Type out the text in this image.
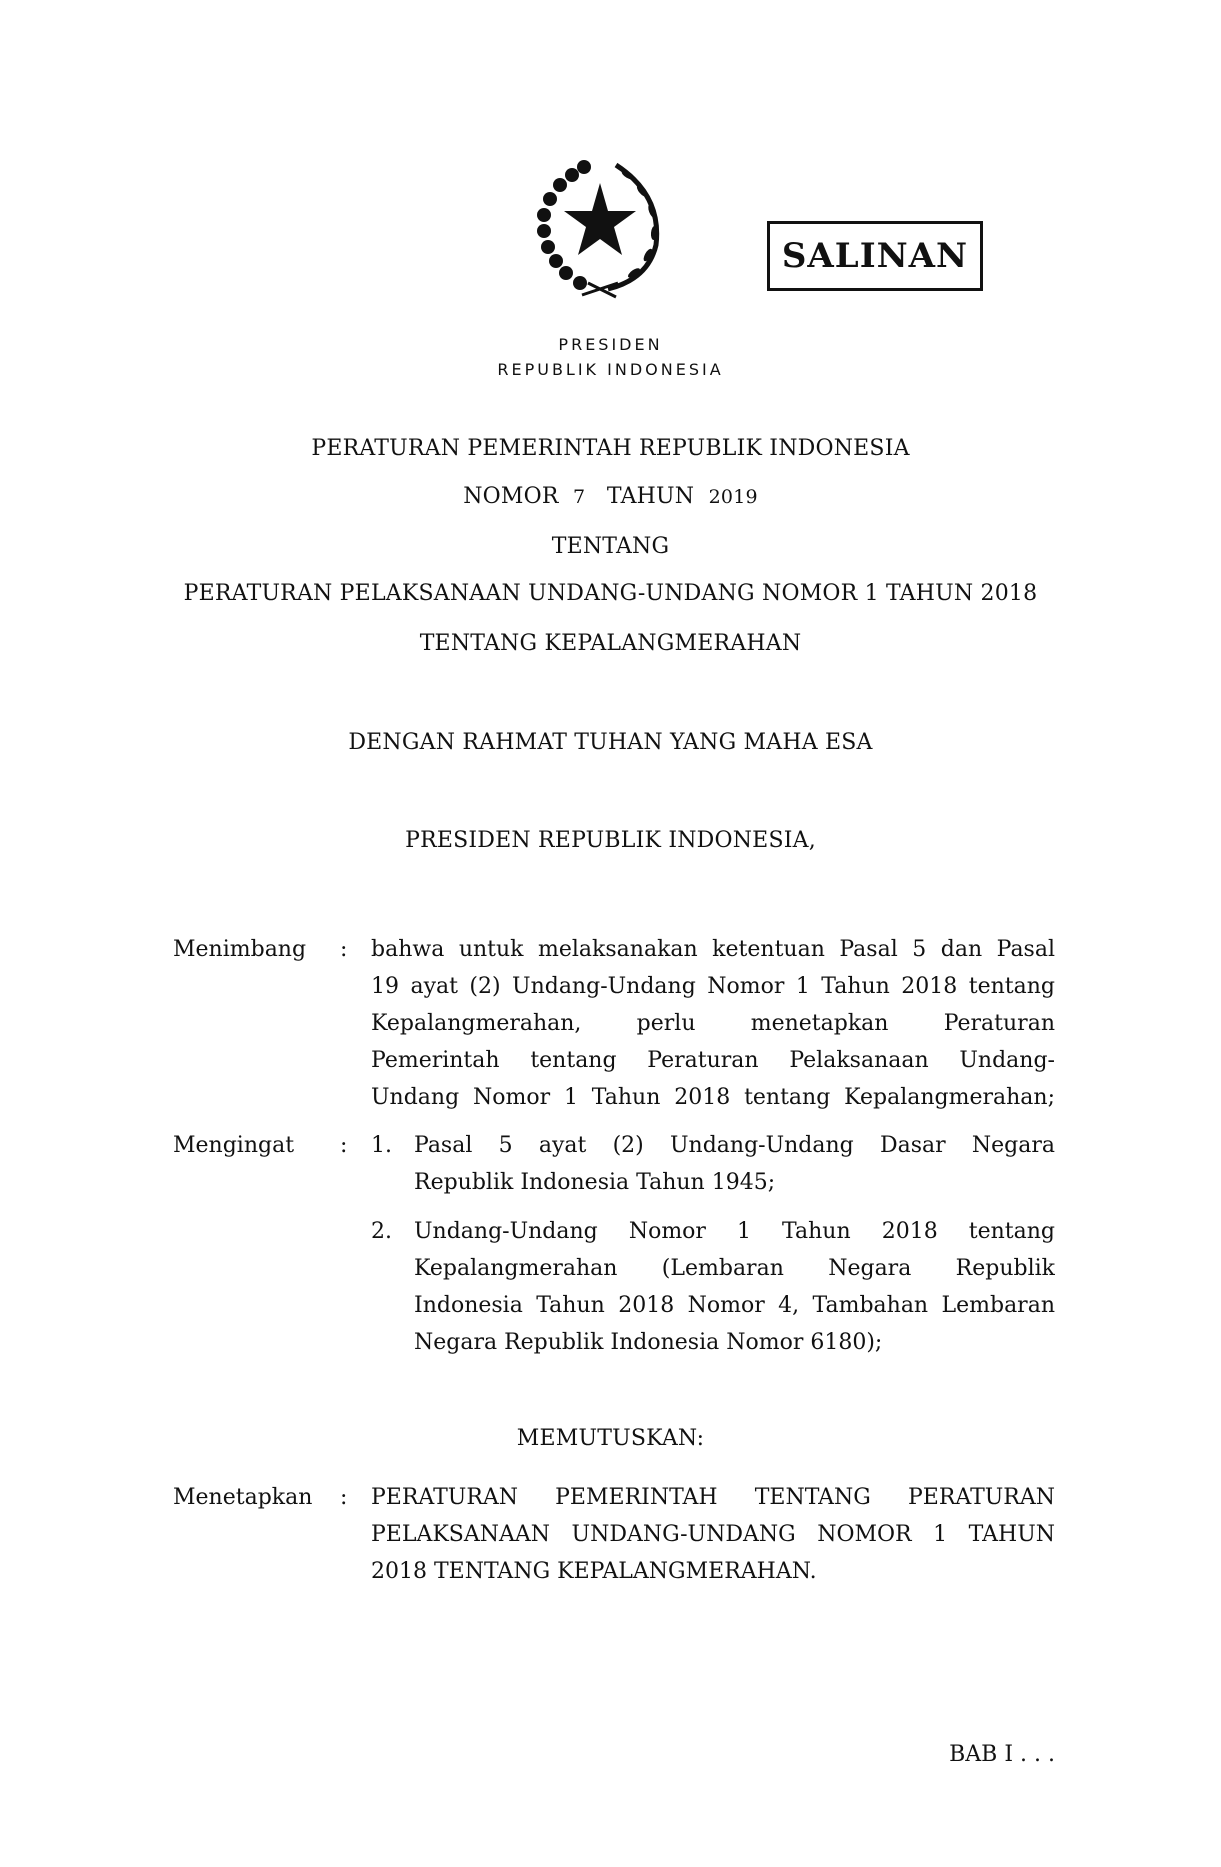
SALINAN
PRESIDEN
REPUBLIK INDONESIA
PERATURAN PEMERINTAH REPUBLIK INDONESIA
NOMOR 7 TAHUN 2019
TENTANG
PERATURAN PELAKSANAAN UNDANG-UNDANG NOMOR 1 TAHUN 2018
TENTANG KEPALANGMERAHAN
DENGAN RAHMAT TUHAN YANG MAHA ESA
PRESIDEN REPUBLIK INDONESIA,
Menimbang : bahwa untuk melaksanakan ketentuan Pasal 5 dan Pasal
19 ayat (2) Undang-Undang Nomor 1 Tahun 2018 tentang
Kepalangmerahan, perlu menetapkan Peraturan
Pemerintah tentang Peraturan Pelaksanaan Undang-
Undang Nomor 1 Tahun 2018 tentang Kepalangmerahan;
Mengingat : 1. Pasal 5 ayat (2) Undang-Undang Dasar Negara
Republik Indonesia Tahun 1945;
2. Undang-Undang Nomor 1 Tahun 2018 tentang
Kepalangmerahan (Lembaran Negara Republik
Indonesia Tahun 2018 Nomor 4, Tambahan Lembaran
Negara Republik Indonesia Nomor 6180);
MEMUTUSKAN:
Menetapkan : PERATURAN PEMERINTAH TENTANG PERATURAN
PELAKSANAAN UNDANG-UNDANG NOMOR 1 TAHUN
2018 TENTANG KEPALANGMERAHAN.
BAB I . . .
